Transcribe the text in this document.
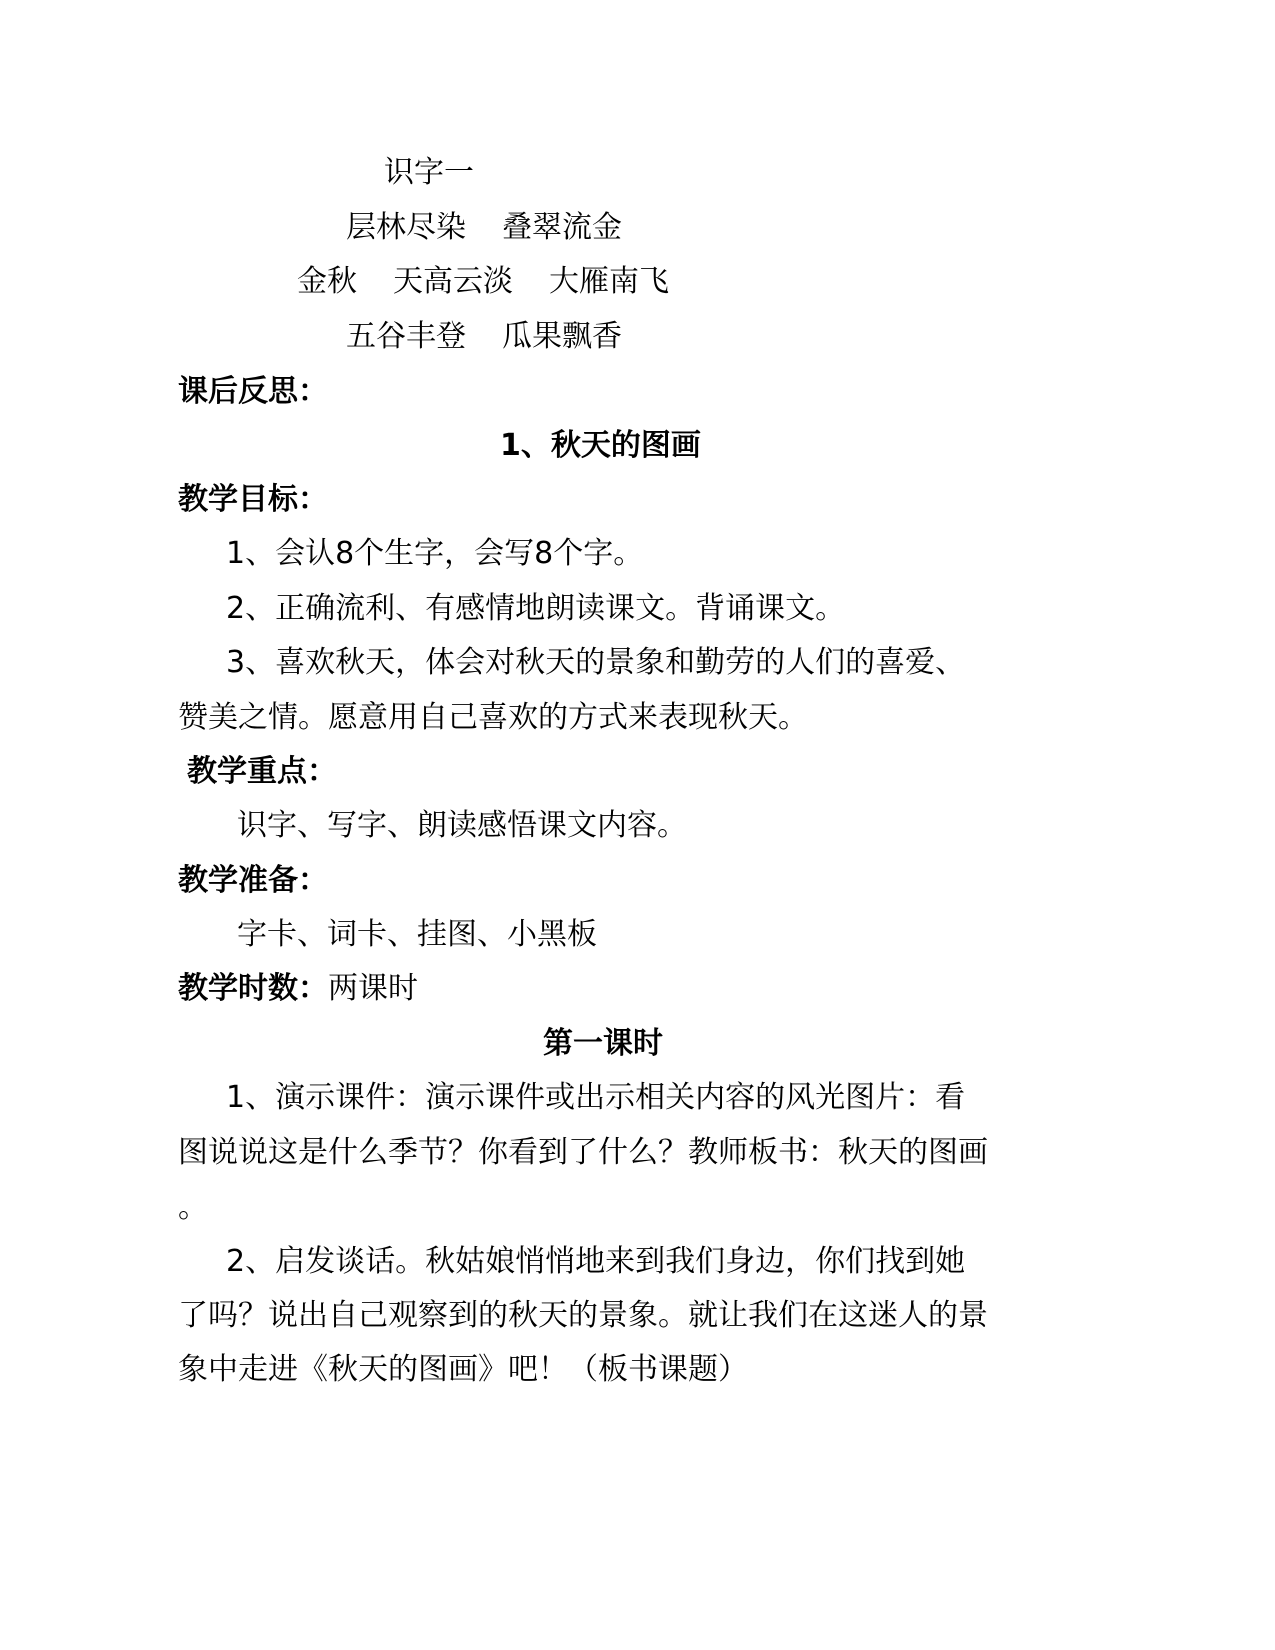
识字一
层林尽染 叠翠流金
金秋 天高云淡 大雁南飞
五谷丰登 瓜果飘香
课后反思：
1、秋天的图画
教学目标：
1、会认8个生字，会写8个字。
2、正确流利、有感情地朗读课文。背诵课文。
3、喜欢秋天，体会对秋天的景象和勤劳的人们的喜爱、
赞美之情。愿意用自己喜欢的方式来表现秋天。
教学重点：
识字、写字、朗读感悟课文内容。
教学准备：
字卡、词卡、挂图、小黑板
教学时数：两课时
第一课时
1、演示课件：演示课件或出示相关内容的风光图片：看
图说说这是什么季节？你看到了什么？教师板书：秋天的图画
。
2、启发谈话。秋姑娘悄悄地来到我们身边，你们找到她
了吗？说出自己观察到的秋天的景象。就让我们在这迷人的景
象中走进《秋天的图画》吧！（板书课题）
